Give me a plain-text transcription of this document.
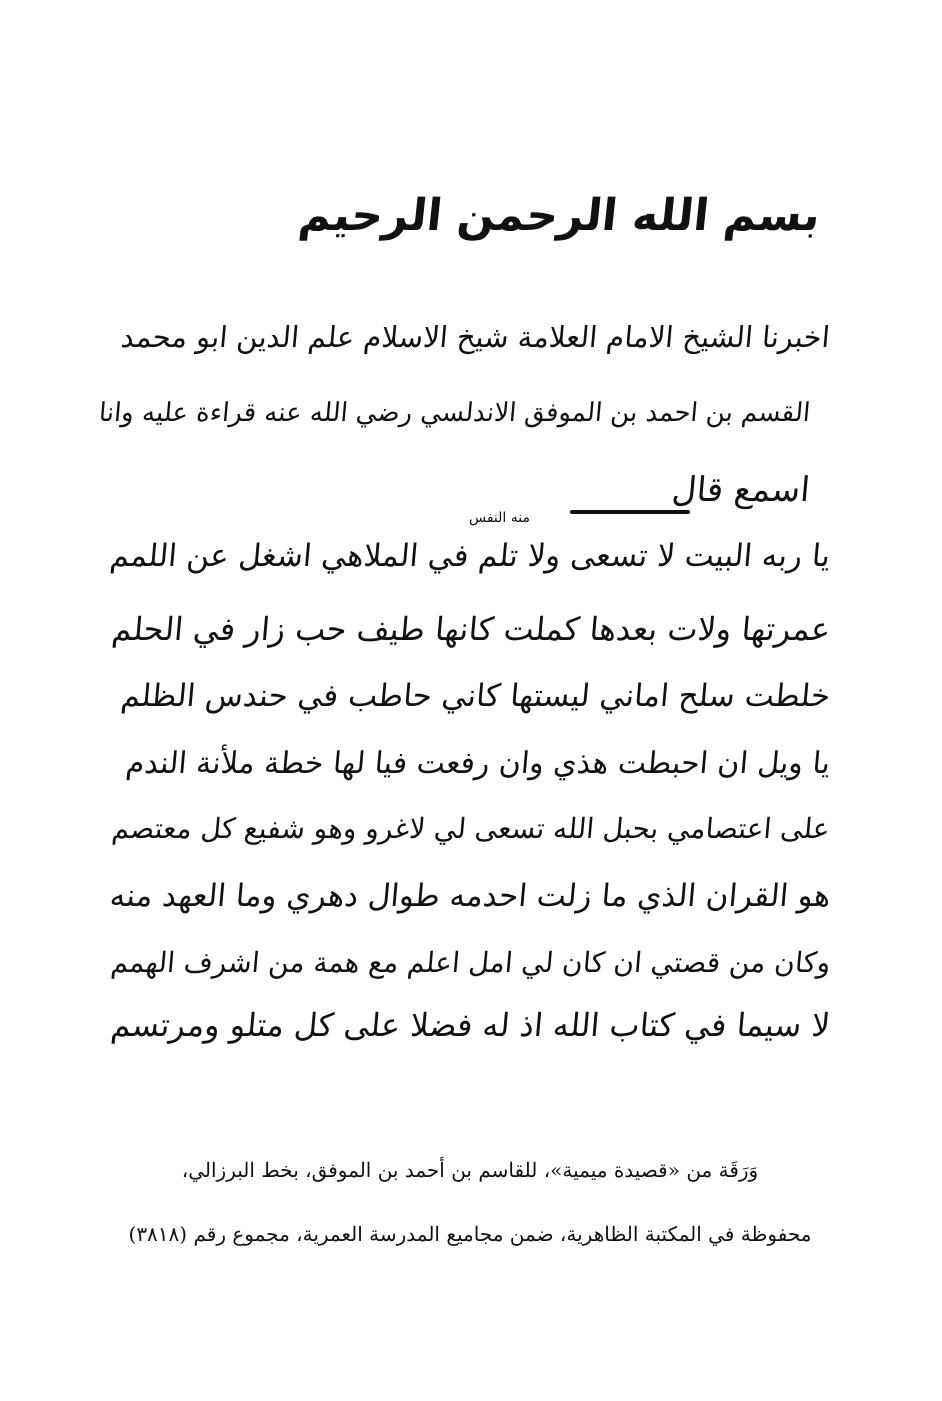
بسم الله الرحمن الرحيم
اخبرنا الشيخ الامام العلامة شيخ الاسلام علم الدين ابو محمد
القسم بن احمد بن الموفق الاندلسي رضي الله عنه قراءة عليه وانا
اسمع قال
منه النفس
يا ربه البيت لا تسعى ولا تلم في الملاهي اشغل عن اللمم
عمرتها ولات بعدها كملت كانها طيف حب زار في الحلم
خلطت سلح اماني ليستها كاني حاطب في حندس الظلم
يا ويل ان احبطت هذي وان رفعت فيا لها خطة ملأنة الندم
على اعتصامي بحبل الله تسعى لي لاغرو وهو شفيع كل معتصم
هو القران الذي ما زلت احدمه طوال دهري وما العهد منه
وكان من قصتي ان كان لي امل اعلم مع همة من اشرف الهمم
لا سيما في كتاب الله اذ له فضلا على كل متلو ومرتسم
وَرَقَة من «قصيدة ميمية»، للقاسم بن أحمد بن الموفق، بخط البرزالي،
محفوظة في المكتبة الظاهرية، ضمن مجاميع المدرسة العمرية، مجموع رقم (٣٨١٨)
